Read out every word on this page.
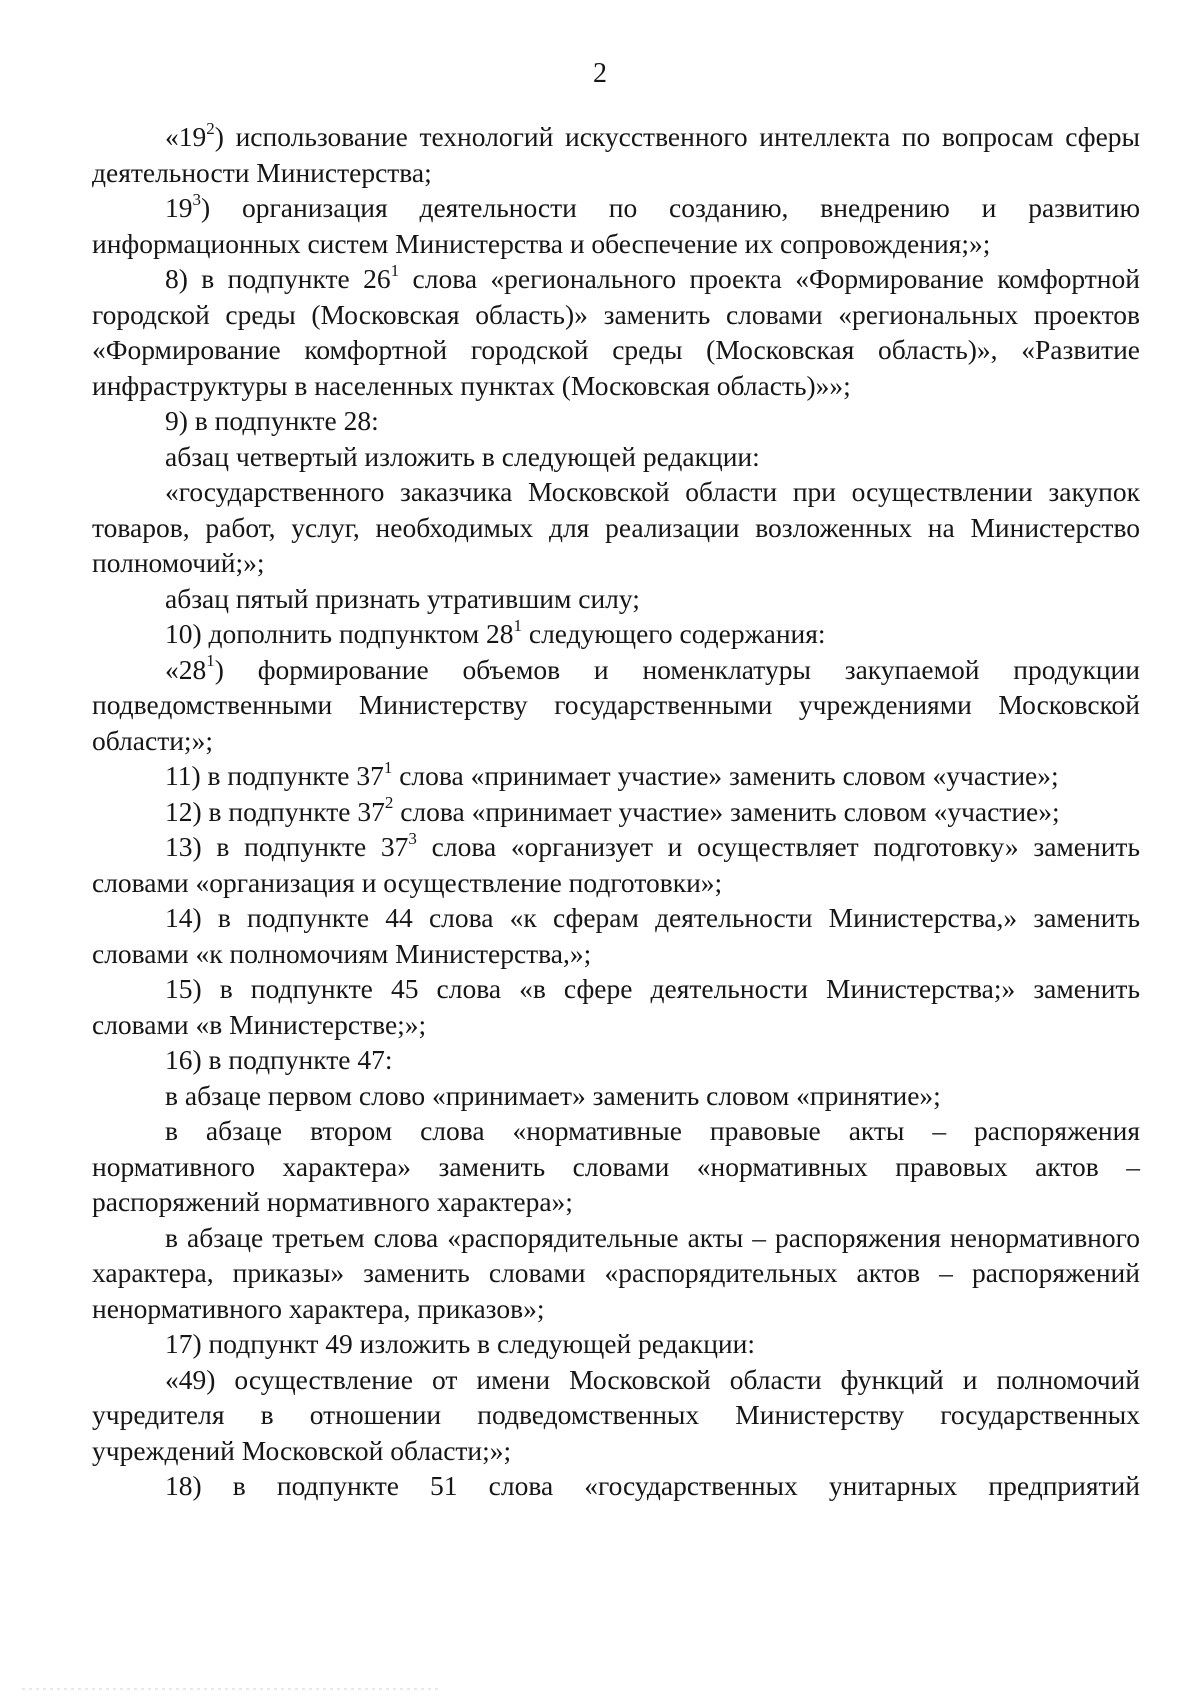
2

«$19^2$) использование технологий искусственного интеллекта по вопросам сферы деятельности Министерства;

$19^3$) организация деятельности по созданию, внедрению и развитию информационных систем Министерства и обеспечение их сопровождения;»;

8) в подпункте $26^1$ слова «регионального проекта «Формирование комфортной городской среды (Московская область)» заменить словами «региональных проектов «Формирование комфортной городской среды (Московская область)», «Развитие инфраструктуры в населенных пунктах (Московская область)»»;

9) в подпункте 28:

абзац четвертый изложить в следующей редакции:

«государственного заказчика Московской области при осуществлении закупок товаров, работ, услуг, необходимых для реализации возложенных на Министерство полномочий;»;

абзац пятый признать утратившим силу;

10) дополнить подпунктом $28^1$ следующего содержания:

«$28^1$) формирование объемов и номенклатуры закупаемой продукции подведомственными Министерству государственными учреждениями Московской области;»;

11) в подпункте $37^1$ слова «принимает участие» заменить словом «участие»;

12) в подпункте $37^2$ слова «принимает участие» заменить словом «участие»;

13) в подпункте $37^3$ слова «организует и осуществляет подготовку» заменить словами «организация и осуществление подготовки»;

14) в подпункте 44 слова «к сферам деятельности Министерства,» заменить словами «к полномочиям Министерства,»;

15) в подпункте 45 слова «в сфере деятельности Министерства;» заменить словами «в Министерстве;»;

16) в подпункте 47:

в абзаце первом слово «принимает» заменить словом «принятие»;

в абзаце втором слова «нормативные правовые акты – распоряжения нормативного характера» заменить словами «нормативных правовых актов – распоряжений нормативного характера»;

в абзаце третьем слова «распорядительные акты – распоряжения ненормативного характера, приказы» заменить словами «распорядительных актов – распоряжений ненормативного характера, приказов»;

17) подпункт 49 изложить в следующей редакции:

«49) осуществление от имени Московской области функций и полномочий учредителя в отношении подведомственных Министерству государственных учреждений Московской области;»;

18) в подпункте 51 слова «государственных унитарных предприятий
